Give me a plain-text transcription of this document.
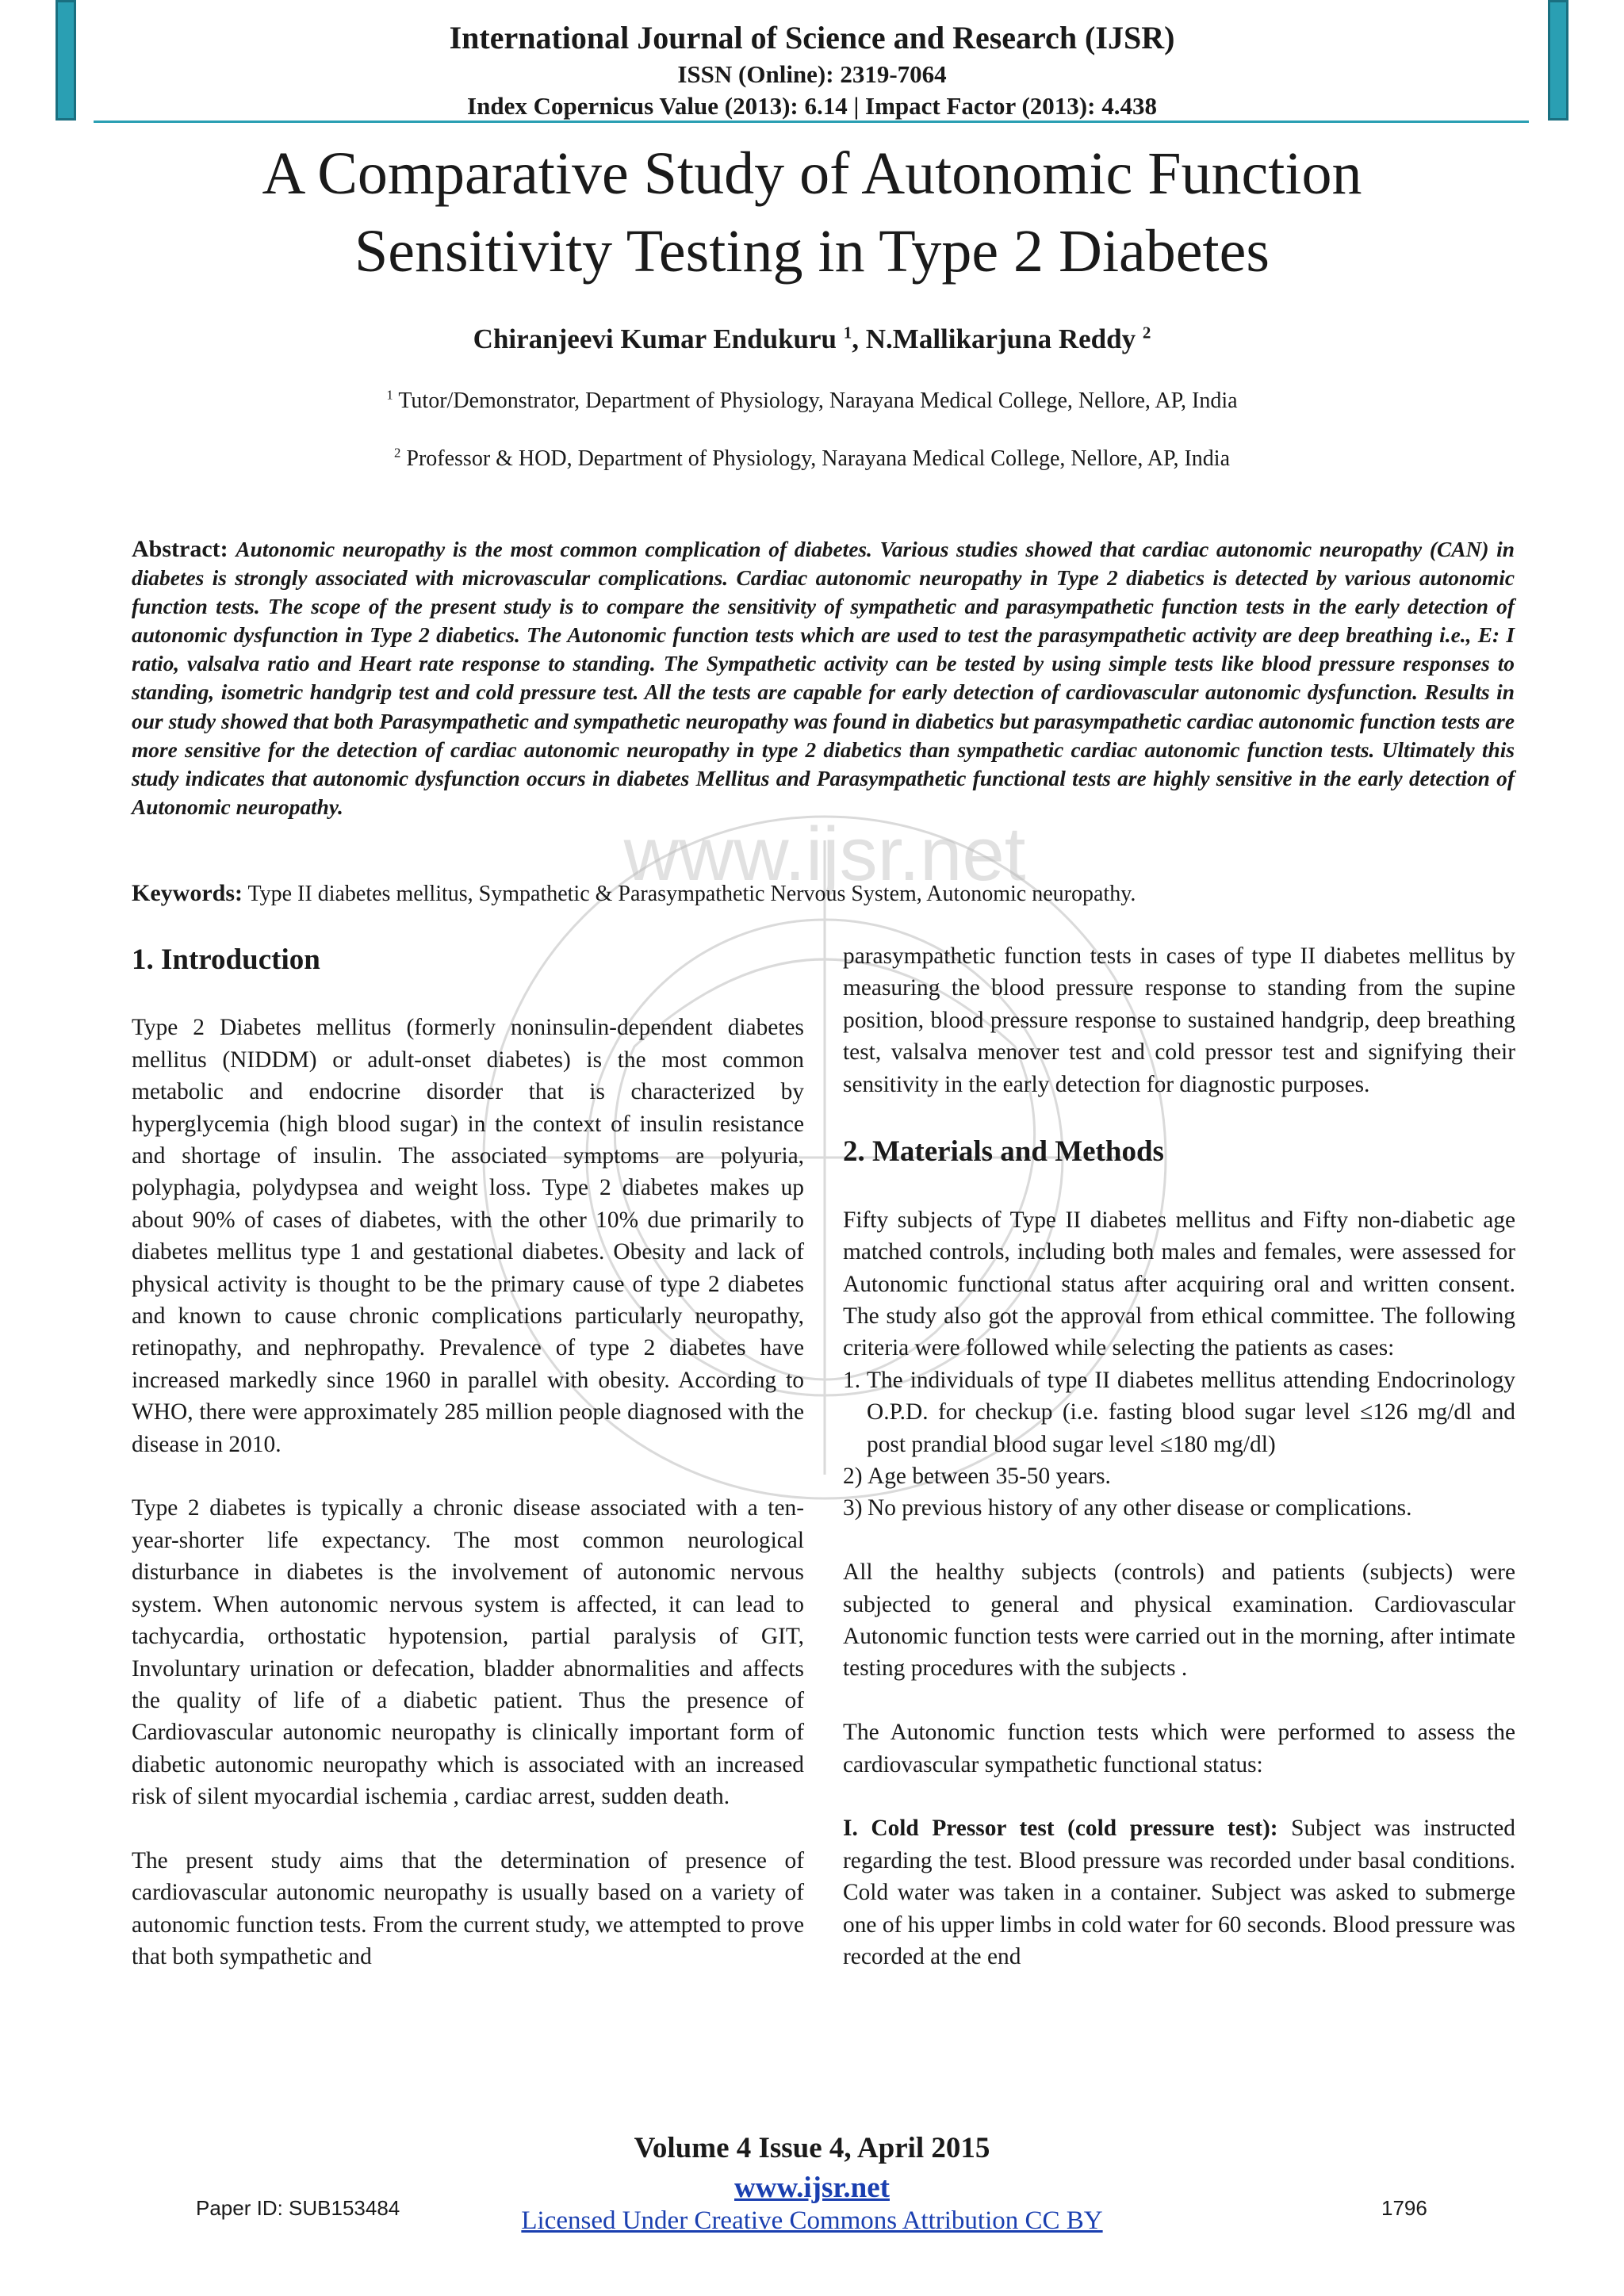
International Journal of Science and Research (IJSR)
ISSN (Online): 2319-7064
Index Copernicus Value (2013): 6.14 | Impact Factor (2013): 4.438
www.ijsr.net
A Comparative Study of Autonomic Function
Sensitivity Testing in Type 2 Diabetes
Chiranjeevi Kumar Endukuru $^1$, N.Mallikarjuna Reddy $^2$
$^1$ Tutor/Demonstrator, Department of Physiology, Narayana Medical College, Nellore, AP, India
$^2$ Professor & HOD, Department of Physiology, Narayana Medical College, Nellore, AP, India
Abstract: Autonomic neuropathy is the most common complication of diabetes. Various studies showed that cardiac autonomic neuropathy (CAN) in diabetes is strongly associated with microvascular complications. Cardiac autonomic neuropathy in Type 2 diabetics is detected by various autonomic function tests. The scope of the present study is to compare the sensitivity of sympathetic and parasympathetic function tests in the early detection of autonomic dysfunction in Type 2 diabetics. The Autonomic function tests which are used to test the parasympathetic activity are deep breathing i.e., E: I ratio, valsalva ratio and Heart rate response to standing. The Sympathetic activity can be tested by using simple tests like blood pressure responses to standing, isometric handgrip test and cold pressure test. All the tests are capable for early detection of cardiovascular autonomic dysfunction. Results in our study showed that both Parasympathetic and sympathetic neuropathy was found in diabetics but parasympathetic cardiac autonomic function tests are more sensitive for the detection of cardiac autonomic neuropathy in type 2 diabetics than sympathetic cardiac autonomic function tests. Ultimately this study indicates that autonomic dysfunction occurs in diabetes Mellitus and Parasympathetic functional tests are highly sensitive in the early detection of Autonomic neuropathy.
Keywords: Type II diabetes mellitus, Sympathetic & Parasympathetic Nervous System, Autonomic neuropathy.
1. Introduction

Type 2 Diabetes mellitus (formerly noninsulin-dependent diabetes mellitus (NIDDM) or adult-onset diabetes) is the most common metabolic and endocrine disorder that is characterized by hyperglycemia (high blood sugar) in the context of insulin resistance and shortage of insulin. The associated symptoms are polyuria, polyphagia, polydypsea and weight loss. Type 2 diabetes makes up about 90% of cases of diabetes, with the other 10% due primarily to diabetes mellitus type 1 and gestational diabetes. Obesity and lack of physical activity is thought to be the primary cause of type 2 diabetes and known to cause chronic complications particularly neuropathy, retinopathy, and nephropathy. Prevalence of type 2 diabetes have increased markedly since 1960 in parallel with obesity. According to WHO, there were approximately 285 million people diagnosed with the disease in 2010.

Type 2 diabetes is typically a chronic disease associated with a ten-year-shorter life expectancy. The most common neurological disturbance in diabetes is the involvement of autonomic nervous system. When autonomic nervous system is affected, it can lead to tachycardia, orthostatic hypotension, partial paralysis of GIT, Involuntary urination or defecation, bladder abnormalities and affects the quality of life of a diabetic patient. Thus the presence of Cardiovascular autonomic neuropathy is clinically important form of diabetic autonomic neuropathy which is associated with an increased risk of silent myocardial ischemia , cardiac arrest, sudden death.

The present study aims that the determination of presence of cardiovascular autonomic neuropathy is usually based on a variety of autonomic function tests. From the current study, we attempted to prove that both sympathetic and

parasympathetic function tests in cases of type II diabetes mellitus by measuring the blood pressure response to standing from the supine position, blood pressure response to sustained handgrip, deep breathing test, valsalva menover test and cold pressor test and signifying their sensitivity in the early detection for diagnostic purposes.

2. Materials and Methods

Fifty subjects of Type II diabetes mellitus and Fifty non-diabetic age matched controls, including both males and females, were assessed for Autonomic functional status after acquiring oral and written consent. The study also got the approval from ethical committee. The following criteria were followed while selecting the patients as cases:

1. The individuals of type II diabetes mellitus attending Endocrinology O.P.D. for checkup (i.e. fasting blood sugar level ≤126 mg/dl and post prandial blood sugar level ≤180 mg/dl)
2) Age between 35-50 years.
3) No previous history of any other disease or complications.

All the healthy subjects (controls) and patients (subjects) were subjected to general and physical examination. Cardiovascular Autonomic function tests were carried out in the morning, after intimate testing procedures with the subjects .

The Autonomic function tests which were performed to assess the cardiovascular sympathetic functional status:

I. Cold Pressor test (cold pressure test): Subject was instructed regarding the test. Blood pressure was recorded under basal conditions. Cold water was taken in a container. Subject was asked to submerge one of his upper limbs in cold water for 60 seconds. Blood pressure was recorded at the end

Volume 4 Issue 4, April 2015
www.ijsr.net
Licensed Under Creative Commons Attribution CC BY
Paper ID: SUB153484	1796
